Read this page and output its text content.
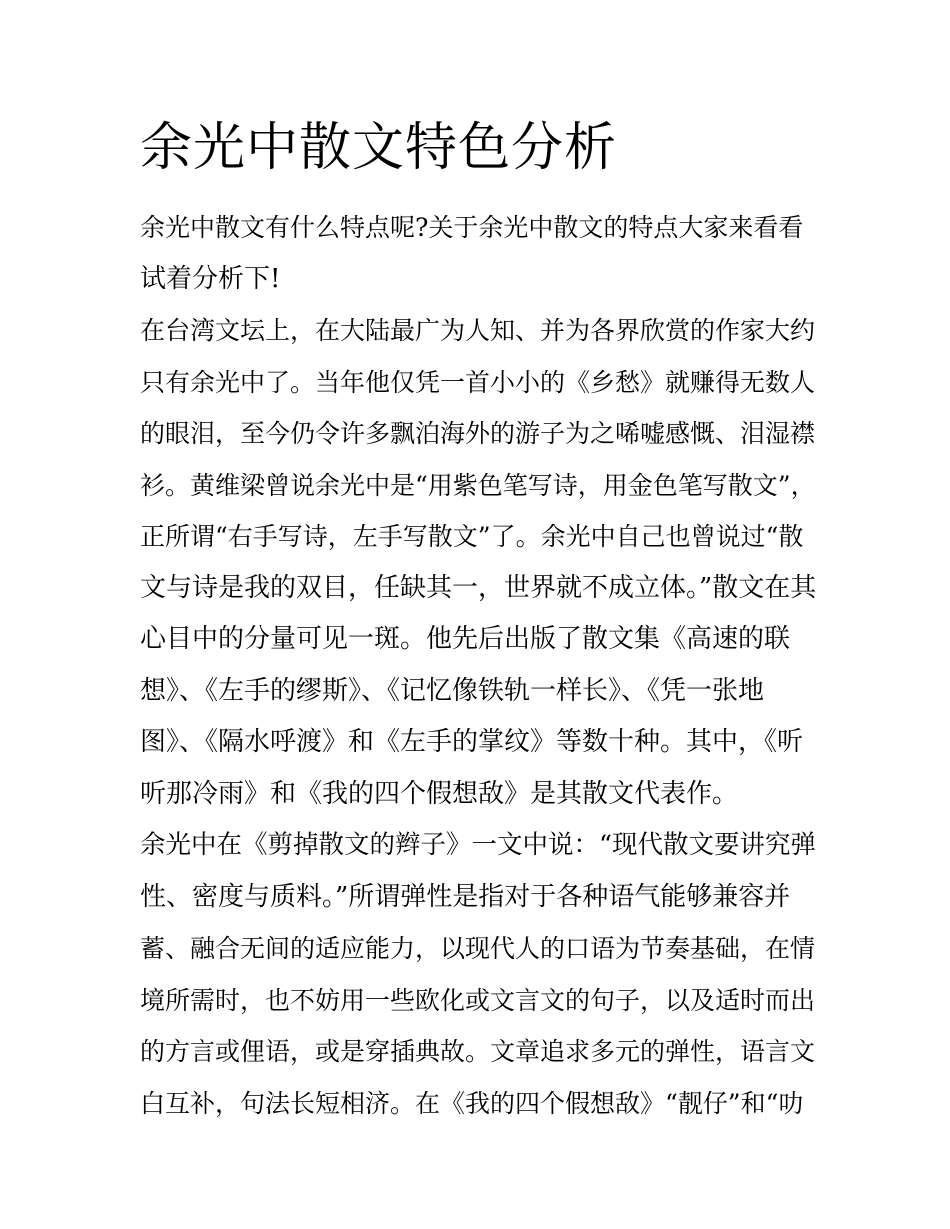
余光中散文特色分析

余光中散文有什么特点呢?关于余光中散文的特点大家来看看
试着分析下!

在台湾文坛上，在大陆最广为人知、并为各界欣赏的作家大约
只有余光中了。当年他仅凭一首小小的《乡愁》就赚得无数人
的眼泪，至今仍令许多飘泊海外的游子为之唏嘘感慨、泪湿襟
衫。黄维梁曾说余光中是“用紫色笔写诗，用金色笔写散文”，
正所谓“右手写诗，左手写散文”了。余光中自己也曾说过“散
文与诗是我的双目，任缺其一，世界就不成立体。”散文在其
心目中的分量可见一斑。他先后出版了散文集《高速的联
想》、《左手的缪斯》、《记忆像铁轨一样长》、《凭一张地
图》、《隔水呼渡》和《左手的掌纹》等数十种。其中，《听
听那冷雨》和《我的四个假想敌》是其散文代表作。

余光中在《剪掉散文的辫子》一文中说：“现代散文要讲究弹
性、密度与质料。”所谓弹性是指对于各种语气能够兼容并
蓄、融合无间的适应能力，以现代人的口语为节奏基础，在情
境所需时，也不妨用一些欧化或文言文的句子，以及适时而出
的方言或俚语，或是穿插典故。文章追求多元的弹性，语言文
白互补，句法长短相济。在《我的四个假想敌》“靓仔”和“叻
